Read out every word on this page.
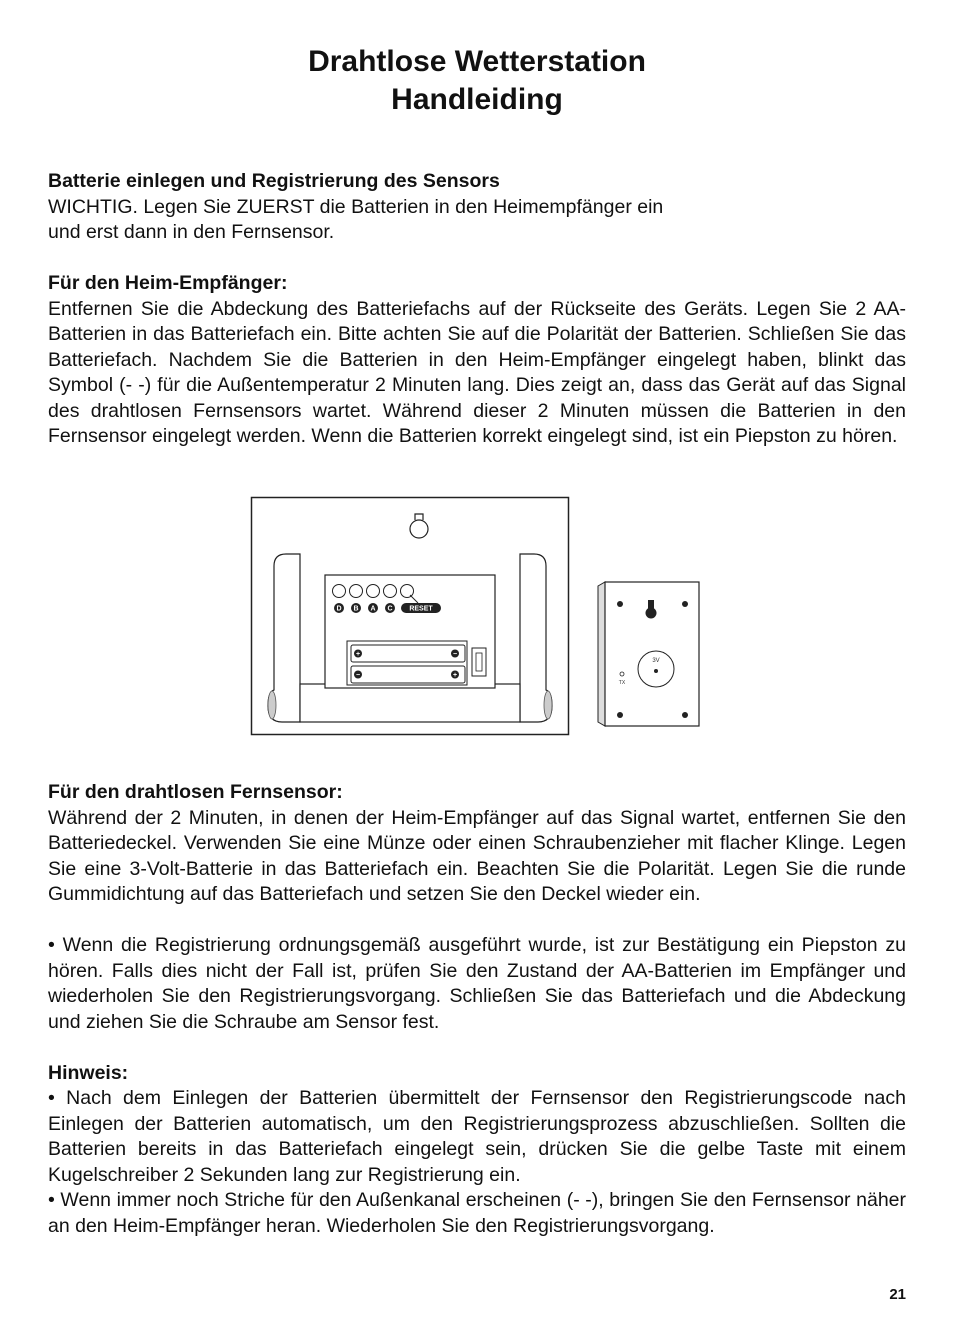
Drahtlose Wetterstation
Handleiding

Batterie einlegen und Registrierung des Sensors

WICHTIG. Legen Sie ZUERST die Batterien in den Heimempfänger ein

und erst dann in den Fernsensor.

Für den Heim-Empfänger:

Entfernen Sie die Abdeckung des Batteriefachs auf der Rückseite des Geräts. Legen Sie 2 AA-Batterien in das Batteriefach ein. Bitte achten Sie auf die Polarität der Batterien. Schließen Sie das Batteriefach. Nachdem Sie die Batterien in den Heim-Empfänger eingelegt haben, blinkt das Symbol (- -) für die Außentemperatur 2 Minuten lang. Dies zeigt an, dass das Gerät auf das Signal des drahtlosen Fernsensors wartet. Während dieser 2 Minuten müssen die Batterien in den Fernsensor eingelegt werden. Wenn die Batterien korrekt eingelegt sind, ist ein Piepston zu hören.

D B A C RESET
+	−
−	+
3V
TX

Für den drahtlosen Fernsensor:

Während der 2 Minuten, in denen der Heim-Empfänger auf das Signal wartet, entfernen Sie den Batteriedeckel. Verwenden Sie eine Münze oder einen Schraubenzieher mit flacher Klinge. Legen Sie eine 3-Volt-Batterie in das Batteriefach ein. Beachten Sie die Polarität. Legen Sie die runde Gummidichtung auf das Batteriefach und setzen Sie den Deckel wieder ein.

• Wenn die Registrierung ordnungsgemäß ausgeführt wurde, ist zur Bestätigung ein Piepston zu hören. Falls dies nicht der Fall ist, prüfen Sie den Zustand der AA-Batterien im Empfänger und wiederholen Sie den Registrierungsvorgang. Schließen Sie das Batteriefach und die Abdeckung und ziehen Sie die Schraube am Sensor fest.

Hinweis:

• Nach dem Einlegen der Batterien übermittelt der Fernsensor den Registrierungscode nach Einlegen der Batterien automatisch, um den Registrierungsprozess abzuschließen. Sollten die Batterien bereits in das Batteriefach eingelegt sein, drücken Sie die gelbe Taste mit einem Kugelschreiber 2 Sekunden lang zur Registrierung ein.

• Wenn immer noch Striche für den Außenkanal erscheinen (- -), bringen Sie den Fernsensor näher an den Heim-Empfänger heran. Wiederholen Sie den Registrierungsvorgang.

21
